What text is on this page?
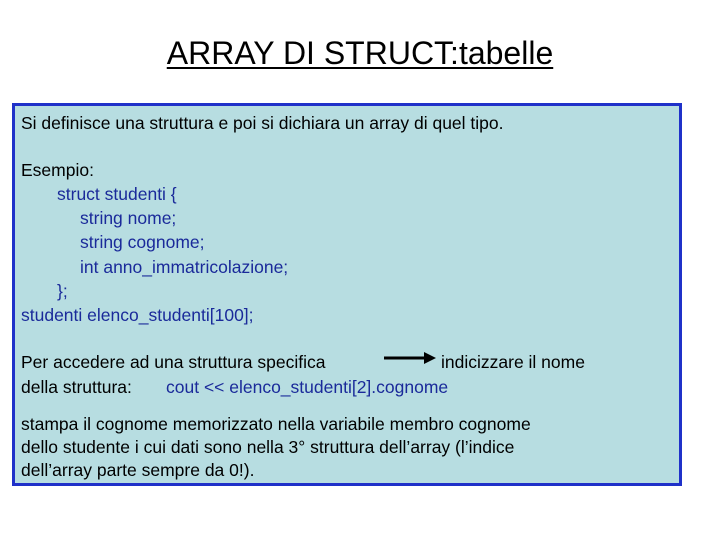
ARRAY DI STRUCT:tabelle
Si definisce una struttura e poi si dichiara un array di quel tipo.
Esempio:
struct studenti {
string nome;
string cognome;
int anno_immatricolazione;
};
studenti elenco_studenti[100];
Per accedere ad una struttura specifica	indicizzare il nome
della struttura: cout << elenco_studenti[2].cognome
stampa il cognome memorizzato nella variabile membro cognome
dello studente i cui dati sono nella 3° struttura dell’array (l’indice
dell’array parte sempre da 0!).
